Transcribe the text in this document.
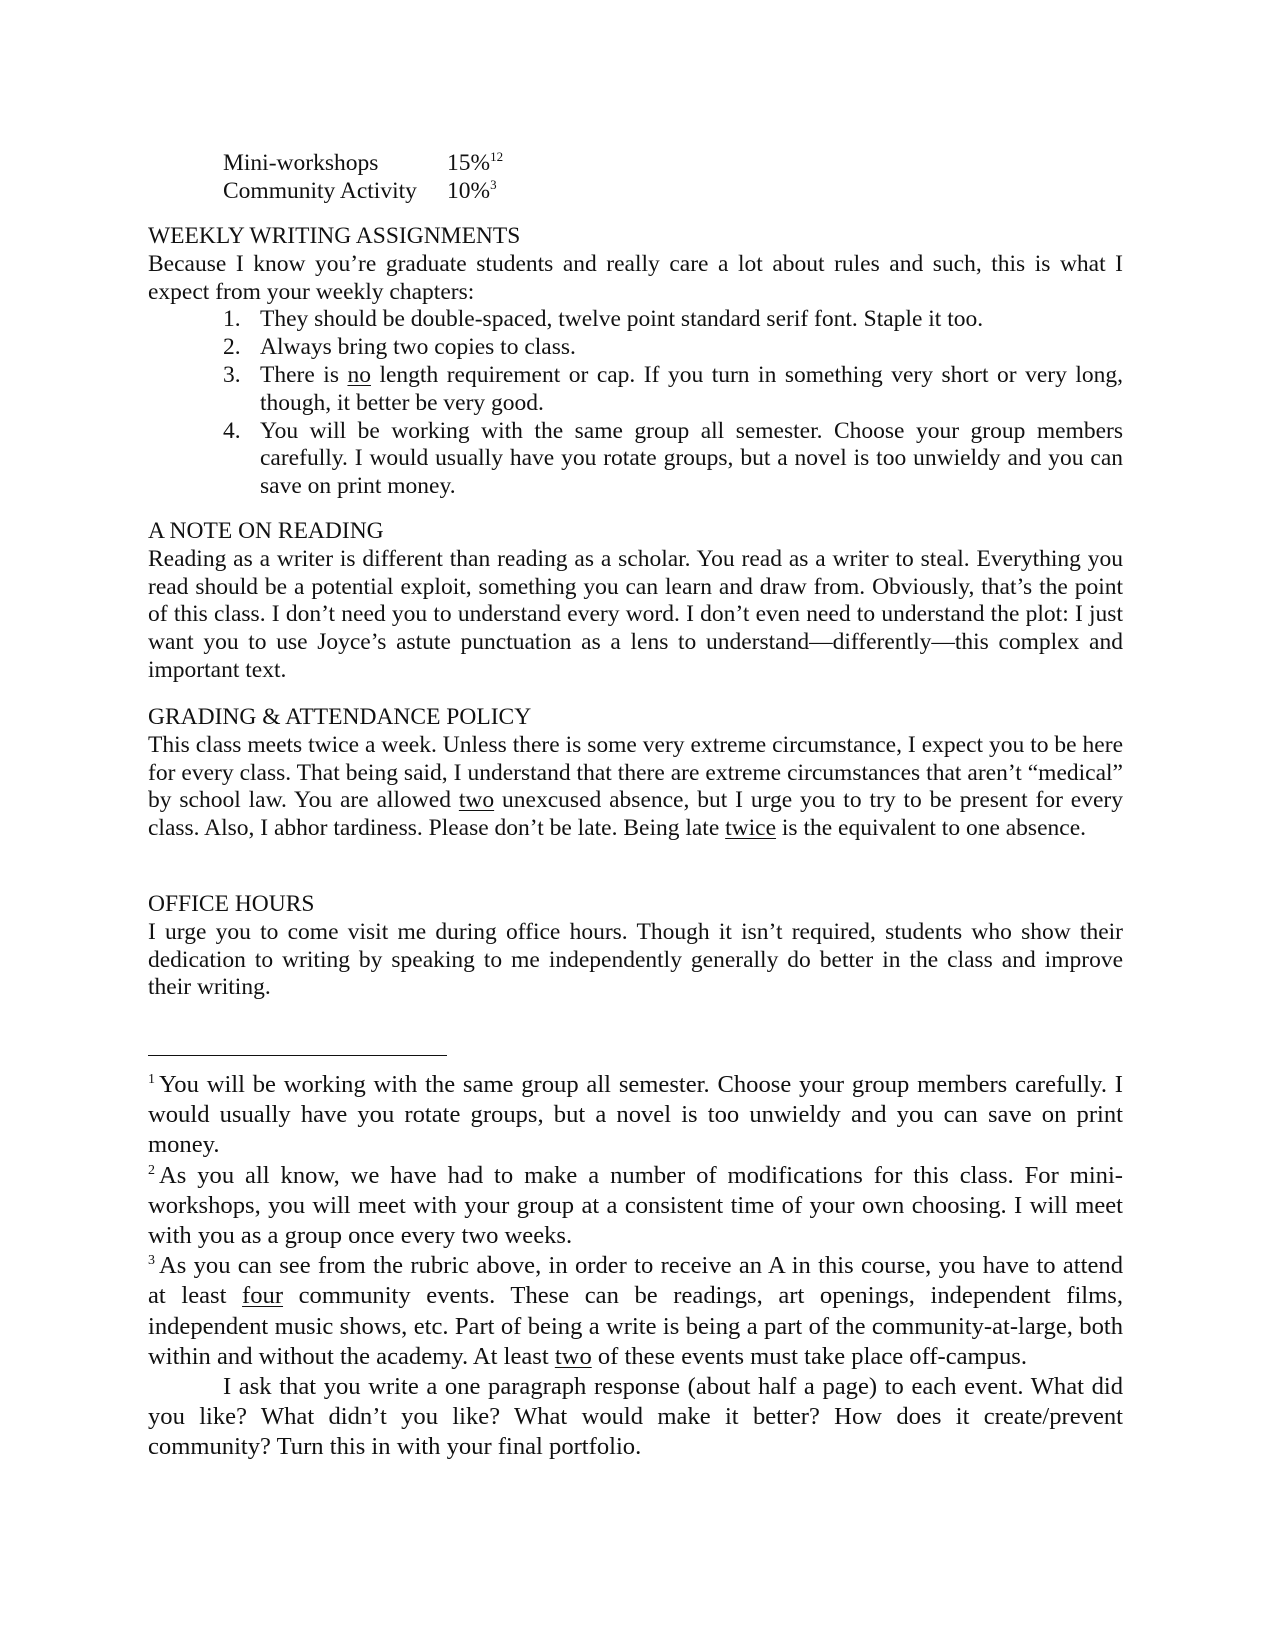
Mini-workshops	15%$^{12}$
Community Activity	10%$^3$
WEEKLY WRITING ASSIGNMENTS
Because I know you’re graduate students and really care a lot about rules and such, this is what I expect from your weekly chapters:
1. They should be double-spaced, twelve point standard serif font. Staple it too.
2. Always bring two copies to class.
3. There is no length requirement or cap. If you turn in something very short or very long, though, it better be very good.
4. You will be working with the same group all semester. Choose your group members carefully. I would usually have you rotate groups, but a novel is too unwieldy and you can save on print money.
A NOTE ON READING
Reading as a writer is different than reading as a scholar. You read as a writer to steal. Everything you read should be a potential exploit, something you can learn and draw from. Obviously, that’s the point of this class. I don’t need you to understand every word. I don’t even need to understand the plot: I just want you to use Joyce’s astute punctuation as a lens to understand—differently—this complex and important text.
GRADING & ATTENDANCE POLICY
This class meets twice a week. Unless there is some very extreme circumstance, I expect you to be here for every class. That being said, I understand that there are extreme circumstances that aren’t “medical” by school law. You are allowed two unexcused absence, but I urge you to try to be present for every class. Also, I abhor tardiness. Please don’t be late. Being late twice is the equivalent to one absence.
OFFICE HOURS
I urge you to come visit me during office hours. Though it isn’t required, students who show their dedication to writing by speaking to me independently generally do better in the class and improve their writing.
$^1$ You will be working with the same group all semester. Choose your group members carefully. I would usually have you rotate groups, but a novel is too unwieldy and you can save on print money.
$^2$ As you all know, we have had to make a number of modifications for this class. For mini-workshops, you will meet with your group at a consistent time of your own choosing. I will meet with you as a group once every two weeks.
$^3$ As you can see from the rubric above, in order to receive an A in this course, you have to attend at least four community events. These can be readings, art openings, independent films, independent music shows, etc. Part of being a write is being a part of the community-at-large, both within and without the academy. At least two of these events must take place off-campus.
I ask that you write a one paragraph response (about half a page) to each event. What did you like? What didn’t you like? What would make it better? How does it create/prevent community? Turn this in with your final portfolio.
